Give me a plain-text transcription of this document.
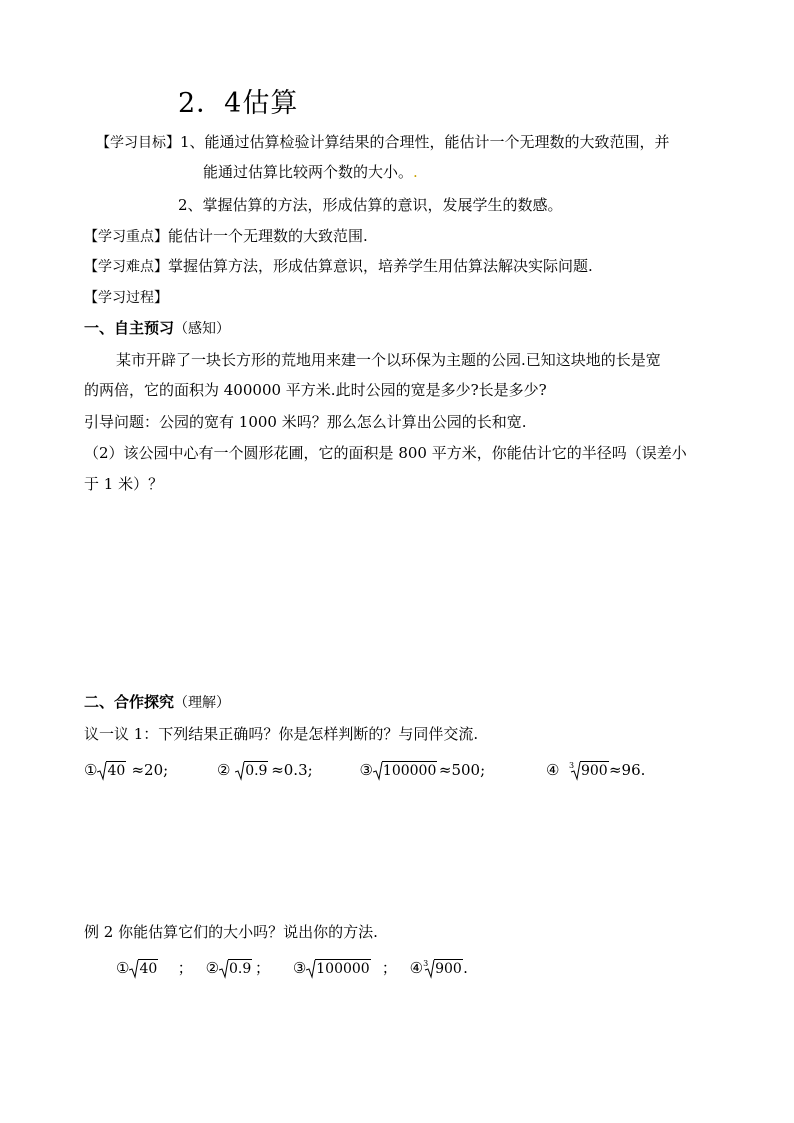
2．4估算
【学习目标】1、能通过估算检验计算结果的合理性，能估计一个无理数的大致范围，并
能通过估算比较两个数的大小。.
2、掌握估算的方法，形成估算的意识，发展学生的数感。
【学习重点】能估计一个无理数的大致范围.
【学习难点】掌握估算方法，形成估算意识，培养学生用估算法解决实际问题.
【学习过程】
一、自主预习（感知）
某市开辟了一块长方形的荒地用来建一个以环保为主题的公园.已知这块地的长是宽
的两倍，它的面积为 400000 平方米.此时公园的宽是多少?长是多少?
引导问题：公园的宽有 1000 米吗？那么怎么计算出公园的长和宽.
（2）该公园中心有一个圆形花圃，它的面积是 800 平方米，你能估计它的半径吗（误差小
于 1 米）？
二、合作探究（理解）
议一议 1：下列结果正确吗？你是怎样判断的？与同伴交流.
① 40 ≈20;	② 0.9 ≈0.3;	③ 100000 ≈500;	④ 3 900 ≈96.
例 2 你能估算它们的大小吗？说出你的方法.
① 40 ； ② 0.9 ； ③ 100000 ； ④ 3 900 .
